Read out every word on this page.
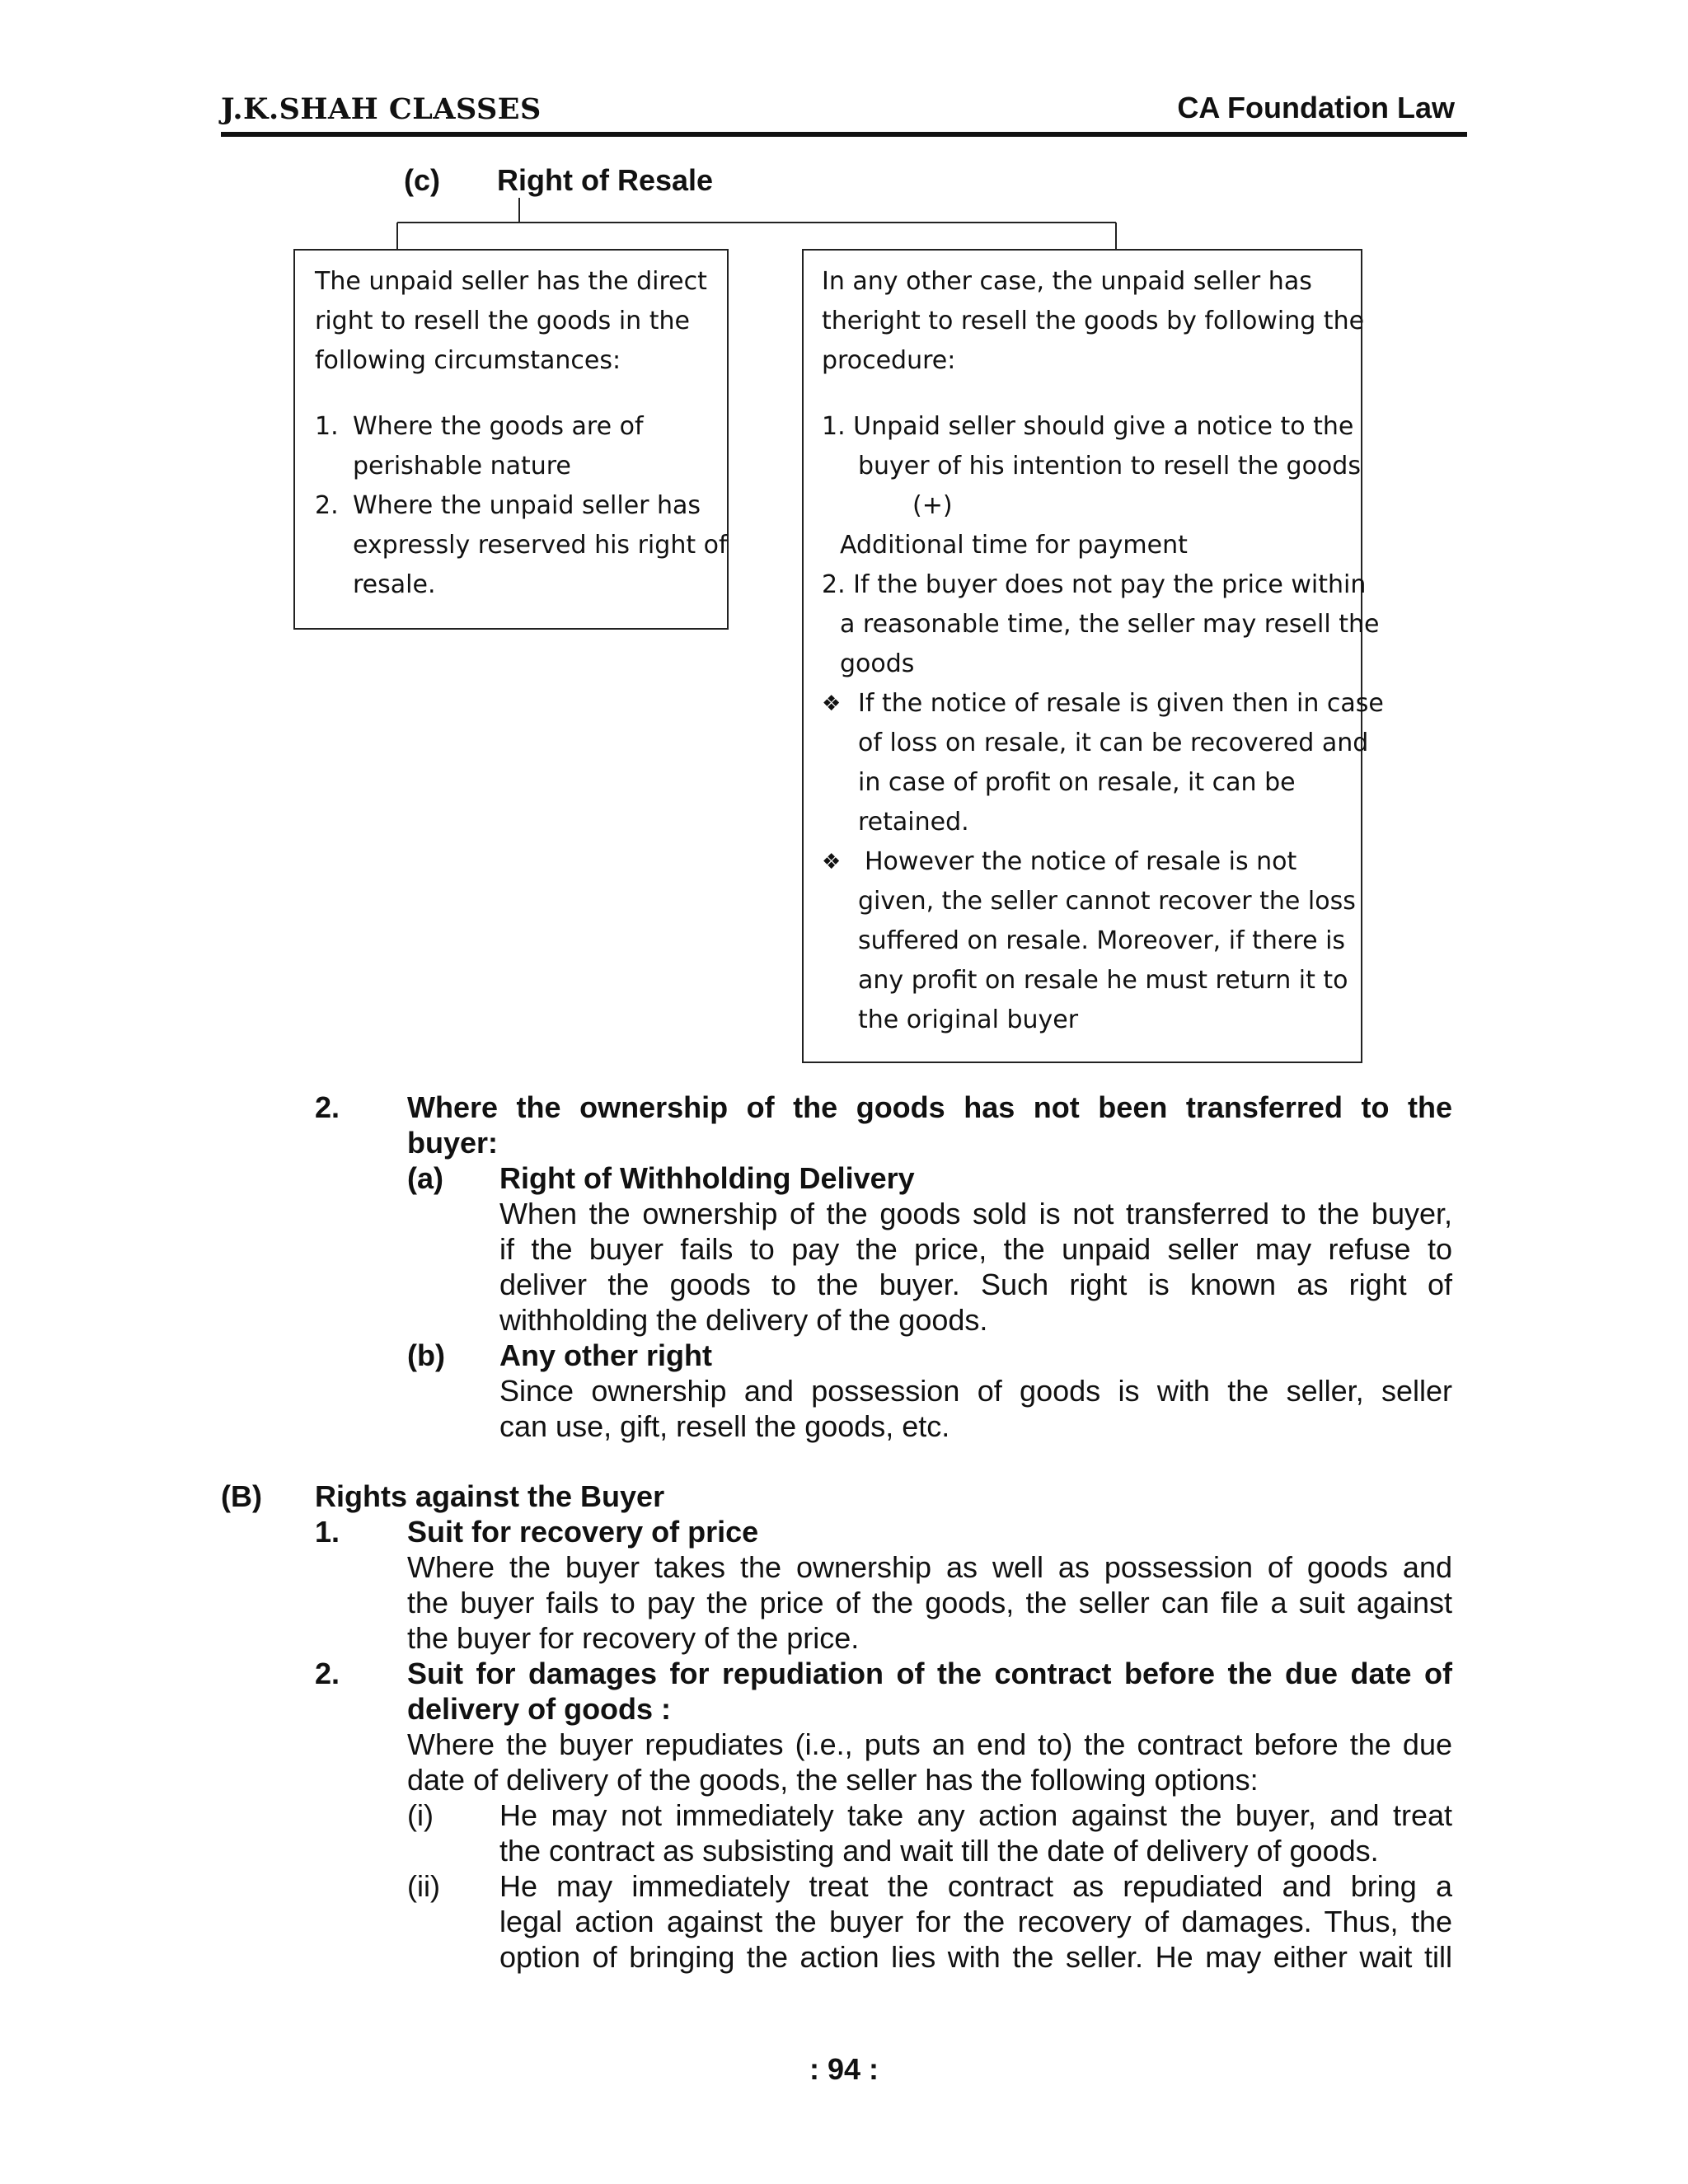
J.K.SHAH CLASSES	CA Foundation Law
(c) Right of Resale
The unpaid seller has the direct
right to resell the goods in the
following circumstances:
1. Where the goods are of
perishable nature
2. Where the unpaid seller has
expressly reserved his right of
resale.
In any other case, the unpaid seller has
theright to resell the goods by following the
procedure:
1. Unpaid seller should give a notice to the
buyer of his intention to resell the goods
(+)
Additional time for payment
2. If the buyer does not pay the price within
a reasonable time, the seller may resell the
goods
❖ If the notice of resale is given then in case
of loss on resale, it can be recovered and
in case of profit on resale, it can be
retained.
❖ However the notice of resale is not
given, the seller cannot recover the loss
suffered on resale. Moreover, if there is
any profit on resale he must return it to
the original buyer
2. Where the ownership of the goods has not been transferred to the
buyer:
(a) Right of Withholding Delivery
When the ownership of the goods sold is not transferred to the buyer,
if the buyer fails to pay the price, the unpaid seller may refuse to
deliver the goods to the buyer. Such right is known as right of
withholding the delivery of the goods.
(b) Any other right
Since ownership and possession of goods is with the seller, seller
can use, gift, resell the goods, etc.
(B) Rights against the Buyer
1. Suit for recovery of price
Where the buyer takes the ownership as well as possession of goods and
the buyer fails to pay the price of the goods, the seller can file a suit against
the buyer for recovery of the price.
2. Suit for damages for repudiation of the contract before the due date of
delivery of goods :
Where the buyer repudiates (i.e., puts an end to) the contract before the due
date of delivery of the goods, the seller has the following options:
(i) He may not immediately take any action against the buyer, and treat
the contract as subsisting and wait till the date of delivery of goods.
(ii) He may immediately treat the contract as repudiated and bring a
legal action against the buyer for the recovery of damages. Thus, the
option of bringing the action lies with the seller. He may either wait till
: 94 :
